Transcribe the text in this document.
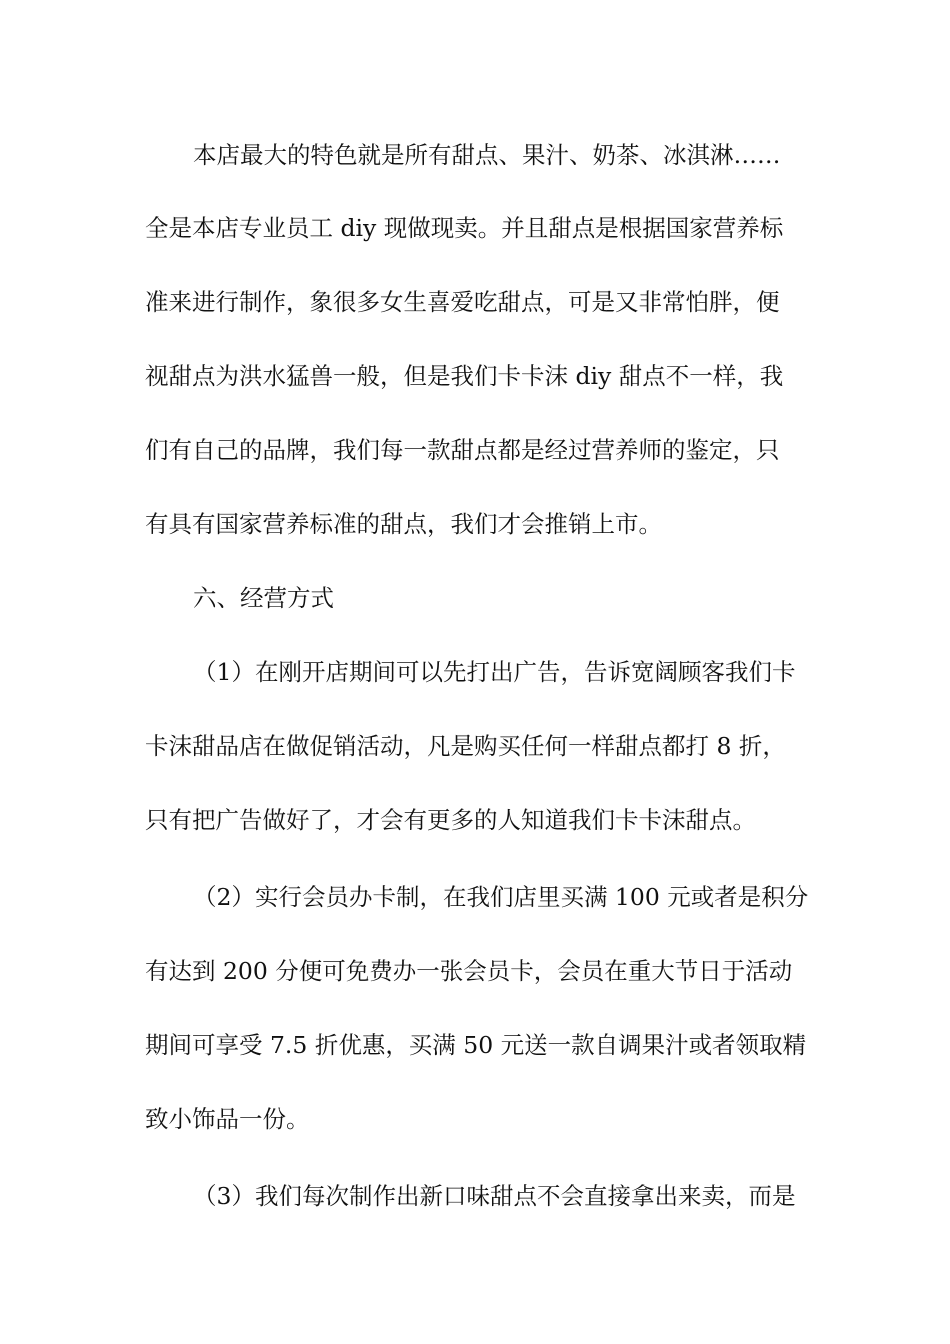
本店最大的特色就是所有甜点、果汁、奶茶、冰淇淋……
全是本店专业员工 diy 现做现卖。并且甜点是根据国家营养标
准来进行制作，象很多女生喜爱吃甜点，可是又非常怕胖，便
视甜点为洪水猛兽一般，但是我们卡卡沫 diy 甜点不一样，我
们有自己的品牌，我们每一款甜点都是经过营养师的鉴定，只
有具有国家营养标准的甜点，我们才会推销上市。
六、经营方式
（1）在刚开店期间可以先打出广告，告诉宽阔顾客我们卡
卡沫甜品店在做促销活动，凡是购买任何一样甜点都打 8 折，
只有把广告做好了，才会有更多的人知道我们卡卡沫甜点。
（2）实行会员办卡制，在我们店里买满 100 元或者是积分
有达到 200 分便可免费办一张会员卡，会员在重大节日于活动
期间可享受 7.5 折优惠，买满 50 元送一款自调果汁或者领取精
致小饰品一份。
（3）我们每次制作出新口味甜点不会直接拿出来卖，而是
